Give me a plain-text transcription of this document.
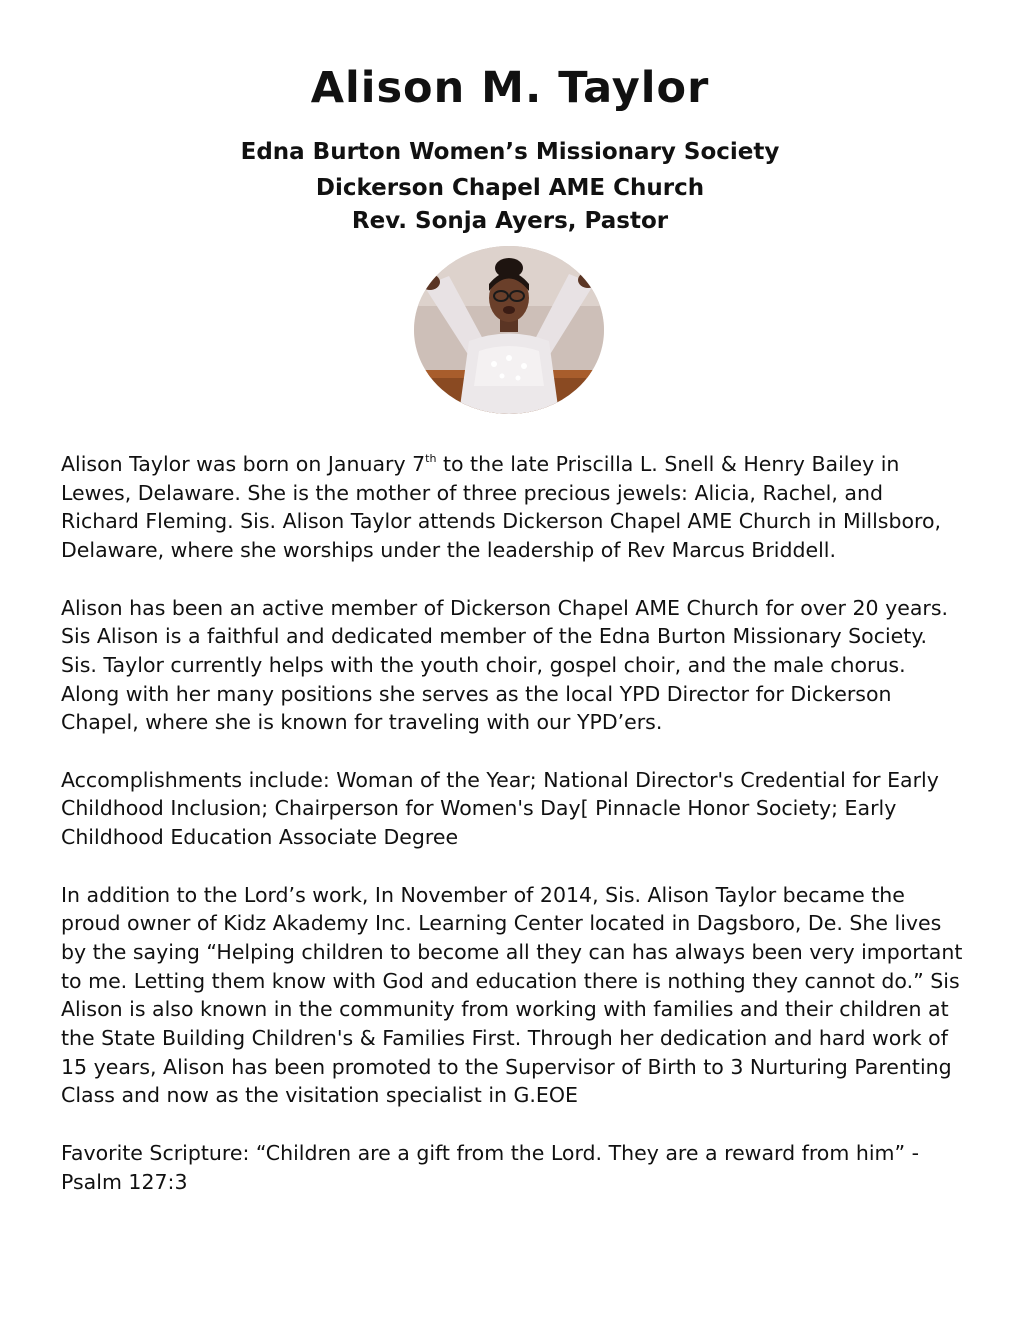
Alison M. Taylor
Edna Burton Women’s Missionary Society
Dickerson Chapel AME Church
Rev. Sonja Ayers, Pastor

Alison Taylor was born on January 7th to the late Priscilla L. Snell & Henry Bailey in Lewes, Delaware. She is the mother of three precious jewels: Alicia, Rachel, and Richard Fleming. Sis. Alison Taylor attends Dickerson Chapel AME Church in Millsboro, Delaware, where she worships under the leadership of Rev Marcus Briddell.

Alison has been an active member of Dickerson Chapel AME Church for over 20 years. Sis Alison is a faithful and dedicated member of the Edna Burton Missionary Society. Sis. Taylor currently helps with the youth choir, gospel choir, and the male chorus. Along with her many positions she serves as the local YPD Director for Dickerson Chapel, where she is known for traveling with our YPD’ers.

Accomplishments include: Woman of the Year; National Director's Credential for Early Childhood Inclusion; Chairperson for Women's Day[ Pinnacle Honor Society; Early Childhood Education Associate Degree

In addition to the Lord’s work, In November of 2014, Sis. Alison Taylor became the proud owner of Kidz Akademy Inc. Learning Center located in Dagsboro, De. She lives by the saying “Helping children to become all they can has always been very important to me. Letting them know with God and education there is nothing they cannot do.” Sis Alison is also known in the community from working with families and their children at the State Building Children's & Families First. Through her dedication and hard work of 15 years, Alison has been promoted to the Supervisor of Birth to 3 Nurturing Parenting Class and now as the visitation specialist in G.EOE

Favorite Scripture: “Children are a gift from the Lord. They are a reward from him” - Psalm 127:3
